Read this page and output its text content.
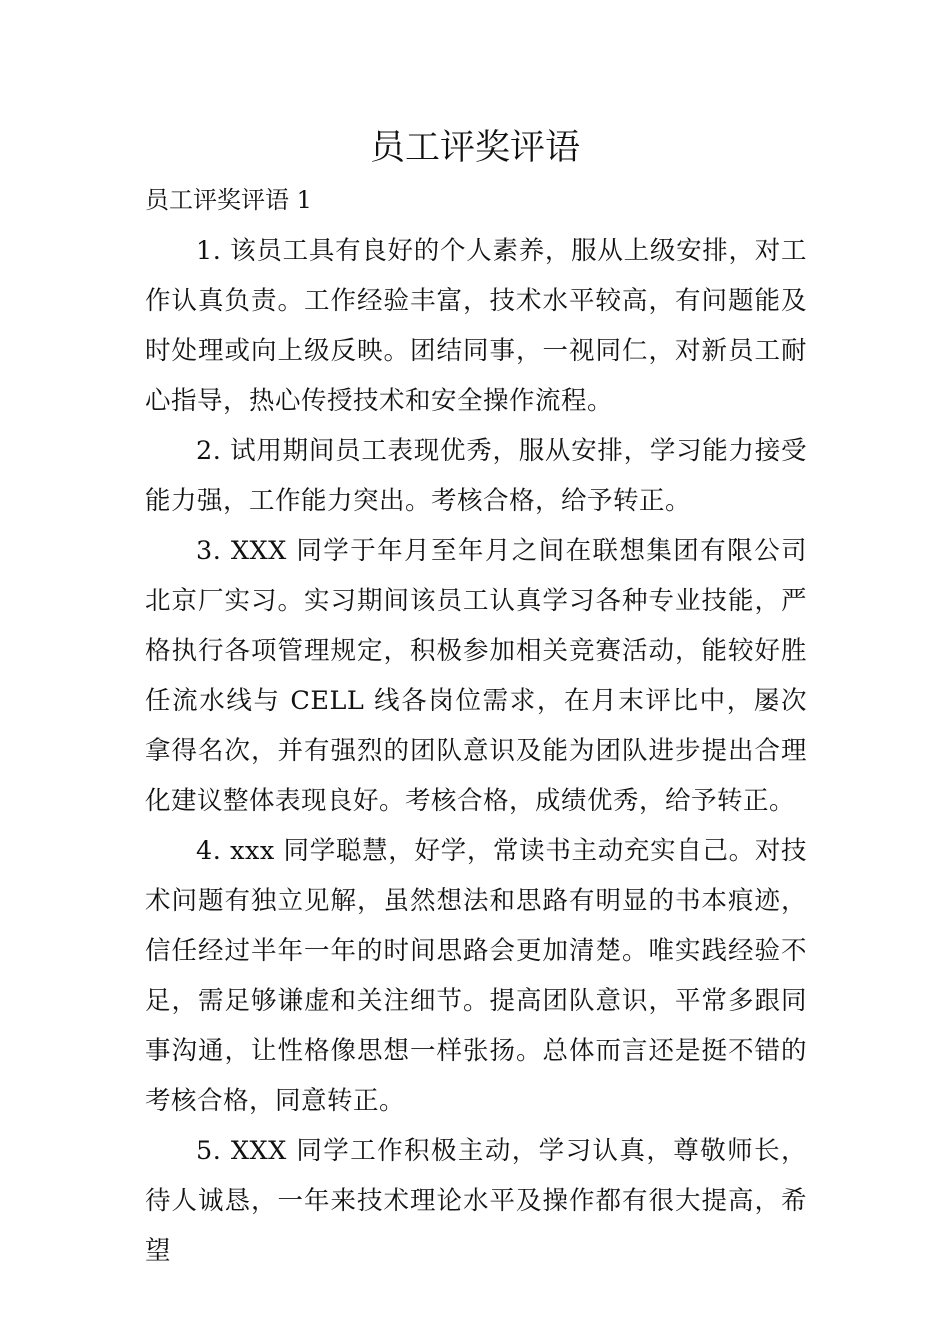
员工评奖评语

员工评奖评语 1

1. 该员工具有良好的个人素养，服从上级安排，对工作认真负责。工作经验丰富，技术水平较高，有问题能及时处理或向上级反映。团结同事，一视同仁，对新员工耐心指导，热心传授技术和安全操作流程。

2. 试用期间员工表现优秀，服从安排，学习能力接受能力强，工作能力突出。考核合格，给予转正。

3. XXX 同学于年月至年月之间在联想集团有限公司北京厂实习。实习期间该员工认真学习各种专业技能，严格执行各项管理规定，积极参加相关竞赛活动，能较好胜任流水线与 CELL 线各岗位需求，在月末评比中，屡次拿得名次，并有强烈的团队意识及能为团队进步提出合理化建议整体表现良好。考核合格，成绩优秀，给予转正。

4. xxx 同学聪慧，好学，常读书主动充实自己。对技术问题有独立见解，虽然想法和思路有明显的书本痕迹，信任经过半年一年的时间思路会更加清楚。唯实践经验不足，需足够谦虚和关注细节。提高团队意识，平常多跟同事沟通，让性格像思想一样张扬。总体而言还是挺不错的考核合格，同意转正。

5. XXX 同学工作积极主动，学习认真，尊敬师长，待人诚恳，一年来技术理论水平及操作都有很大提高，希望
